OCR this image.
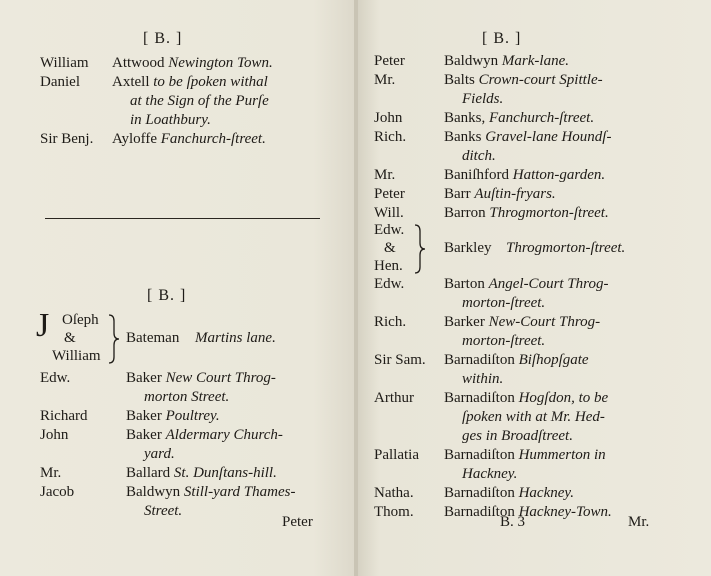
[ B. ]
William Attwood Newington Town.
Daniel Axtell to be ſpoken withal
at the Sign of the Purſe
in Loathbury.
Sir Benj. Ayloffe Fanchurch-ſtreet.
[ B. ]
J Oſeph
&
William
Bateman Martins lane.
Edw.	Baker New Court Throg-
morton Street.
Richard	Baker Poultrey.
John	Baker Aldermary Church-
yard.
Mr.	Ballard St. Dunſtans-hill.
Jacob	Baldwyn Still-yard Thames-
Street.
Peter
[ B. ]
Peter	Baldwyn Mark-lane.
Mr.	Balts Crown-court Spittle-
Fields.
John	Banks, Fanchurch-ſtreet.
Rich.	Banks Gravel-lane Houndſ-
ditch.
Mr.	Baniſhford Hatton-garden.
Peter	Barr Auſtin-fryars.
Will.	Barron Throgmorton-ſtreet.
Edw.
&
Hen.
Barkley Throgmorton-ſtreet.
Edw.	Barton Angel-Court Throg-
morton-ſtreet.
Rich.	Barker New-Court Throg-
morton-ſtreet.
Sir Sam. Barnadiſton Biſhopſgate
within.
Arthur Barnadiſton Hogſdon, to be
ſpoken with at Mr. Hed-
ges in Broadſtreet.
Pallatia Barnadiſton Hummerton in
Hackney.
Natha. Barnadiſton Hackney.
Thom. Barnadiſton Hackney-Town.
B. 3	Mr.
